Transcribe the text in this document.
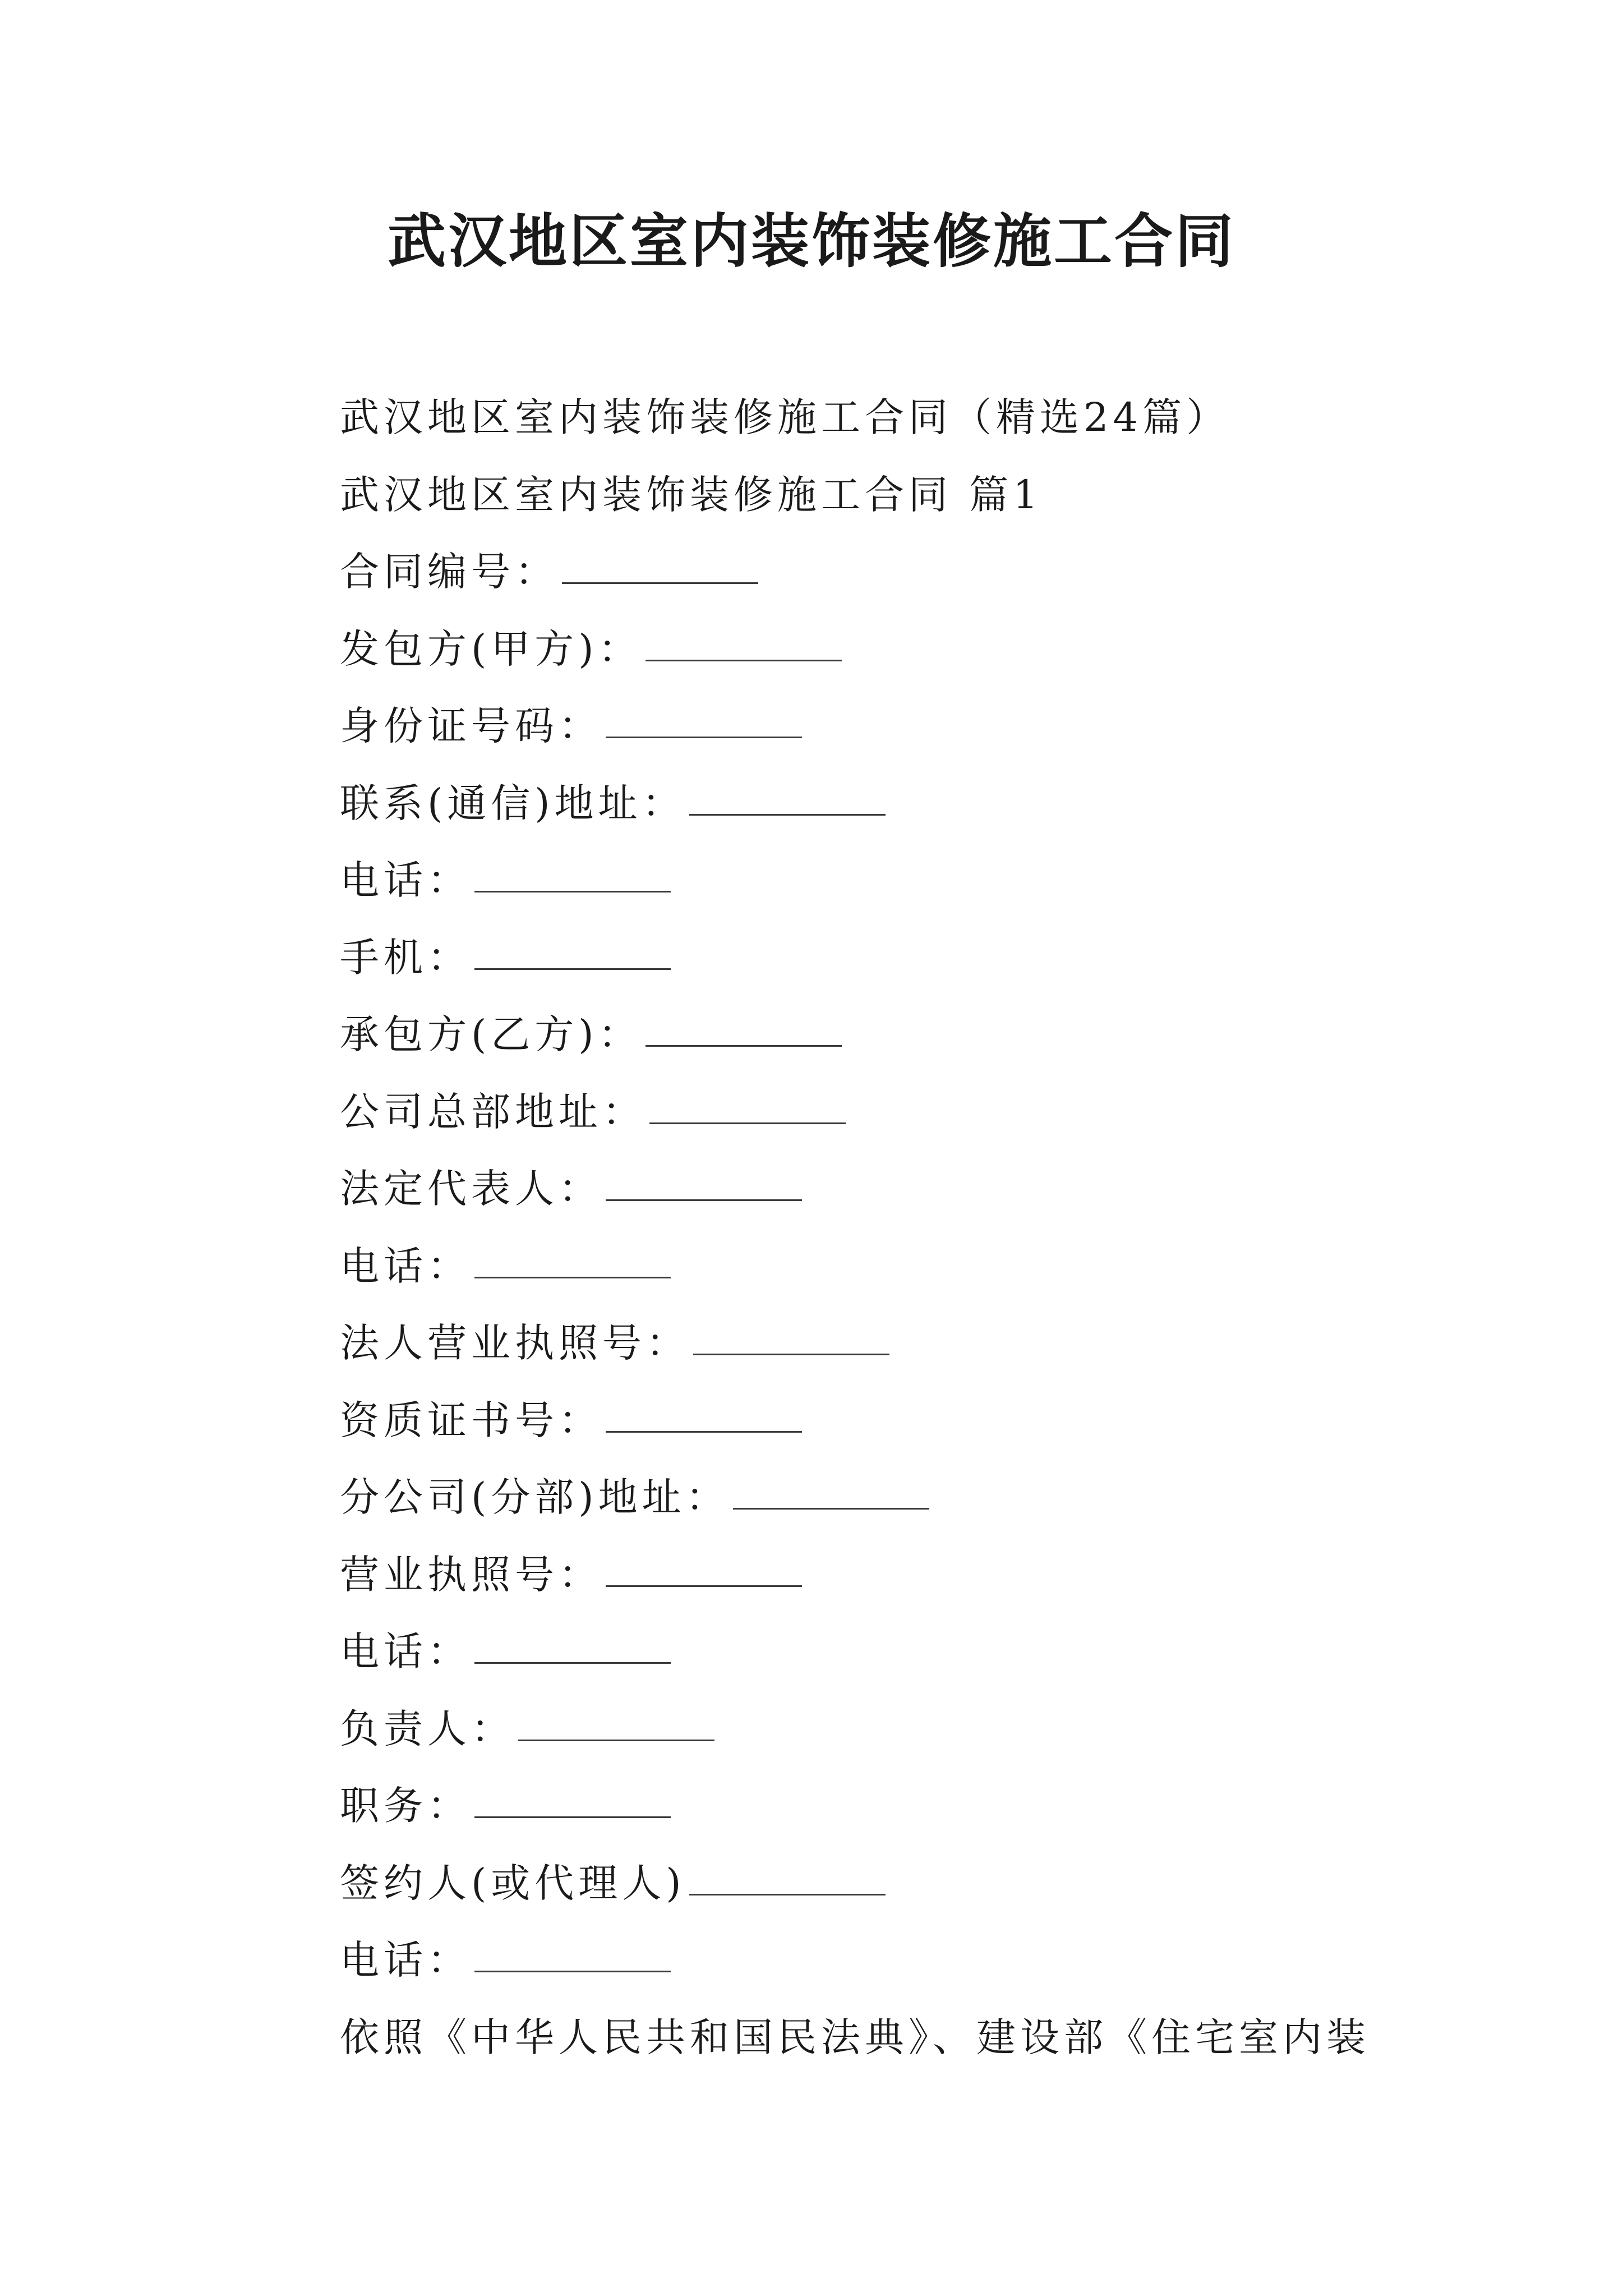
武汉地区室内装饰装修施工合同
武汉地区室内装饰装修施工合同（精选24篇）
武汉地区室内装饰装修施工合同 篇1
合同编号：
发包方(甲方)：
身份证号码：
联系(通信)地址：
电话：
手机：
承包方(乙方)：
公司总部地址：
法定代表人：
电话：
法人营业执照号：
资质证书号：
分公司(分部)地址：
营业执照号：
电话：
负责人：
职务：
签约人(或代理人)
电话：
依照《中华人民共和国民法典》、建设部《住宅室内装
